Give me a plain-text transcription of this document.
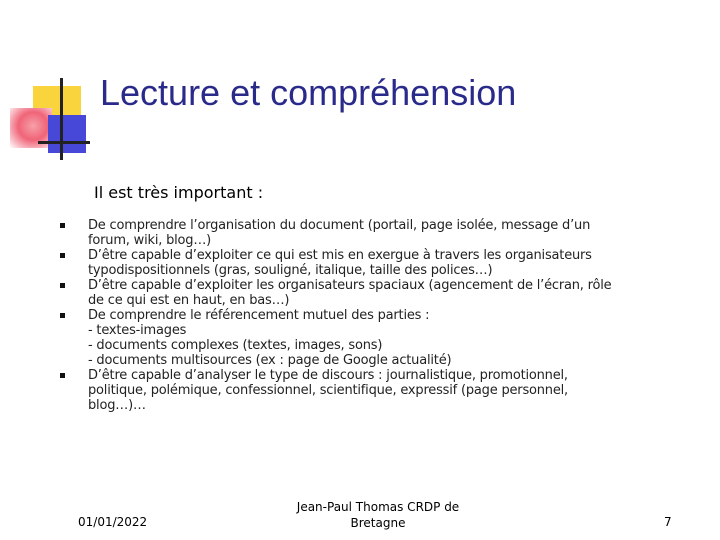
Lecture et compréhension
Il est très important :
De comprendre l’organisation du document (portail, page isolée, message d’un
forum, wiki, blog…)
D’être capable d’exploiter ce qui est mis en exergue à travers les organisateurs
typodispositionnels (gras, souligné, italique, taille des polices…)
D’être capable d’exploiter les organisateurs spaciaux (agencement de l’écran, rôle
de ce qui est en haut, en bas…)
De comprendre le référencement mutuel des parties :
- textes-images
- documents complexes (textes, images, sons)
- documents multisources (ex : page de Google actualité)
D’être capable d’analyser le type de discours : journalistique, promotionnel,
politique, polémique, confessionnel, scientifique, expressif (page personnel,
blog…)…
01/01/2022
Jean-Paul Thomas CRDP de
Bretagne	7
